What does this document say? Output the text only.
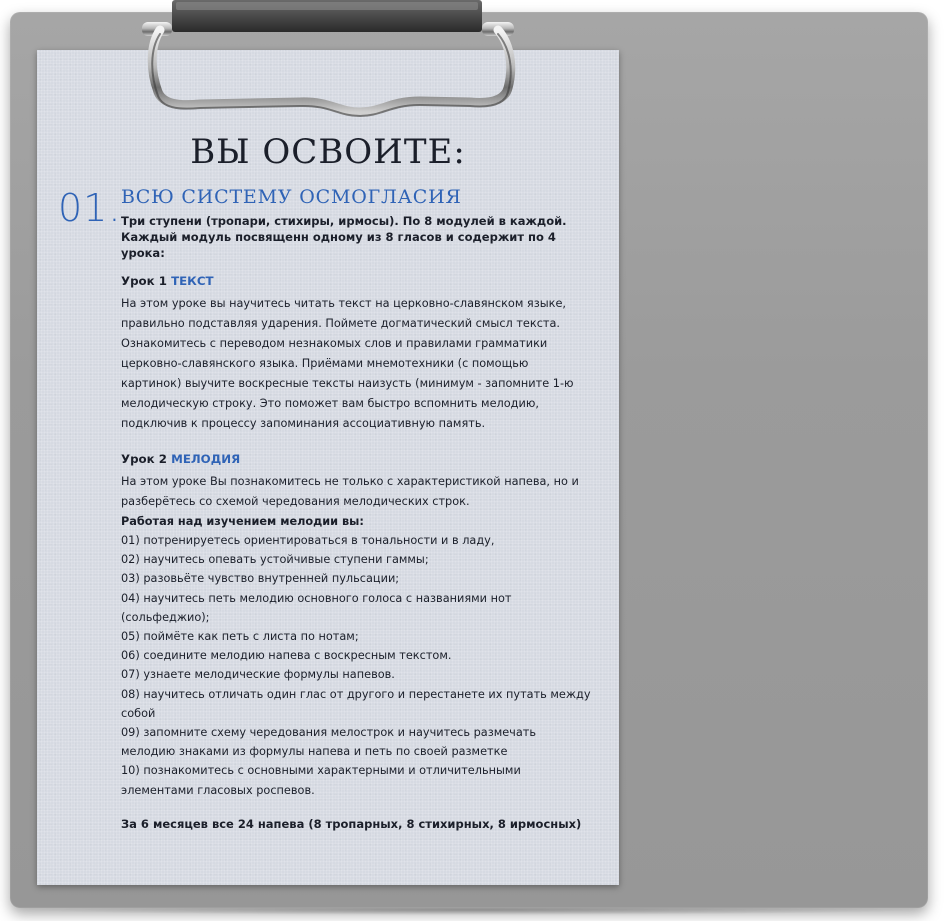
ВЫ ОСВОИТЕ:
01. ВСЮ СИСТЕМУ ОСМОГЛАСИЯ

Три ступени (тропари, стихиры, ирмосы). По 8 модулей в каждой. Каждый модуль посвященн одному из 8 гласов и содержит по 4 урока:

Урок 1 ТЕКСТ

На этом уроке вы научитесь читать текст на церковно-славянском языке, правильно подставляя ударения. Поймете догматический смысл текста. Ознакомитесь с переводом незнакомых слов и правилами грамматики церковно-славянского языка. Приёмами мнемотехники (с помощью картинок) выучите воскресные тексты наизусть (минимум - запомните 1-ю мелодическую строку. Это поможет вам быстро вспомнить мелодию, подключив к процессу запоминания ассоциативную память.

Урок 2 МЕЛОДИЯ

На этом уроке Вы познакомитесь не только с характеристикой напева, но и разберётесь со схемой чередования мелодических строк.

Работая над изучением мелодии вы:
01) потренируетесь ориентироваться в тональности и в ладу,
02) научитесь опевать устойчивые ступени гаммы;
03) разовьёте чувство внутренней пульсации;
04) научитесь петь мелодию основного голоса с названиями нот (сольфеджио);
05) поймёте как петь с листа по нотам;
06) соедините мелодию напева с воскресным текстом.
07) узнаете мелодические формулы напевов.
08) научитесь отличать один глас от другого и перестанете их путать между собой
09) запомните схему чередования мелострок и научитесь размечать мелодию знаками из формулы напева и петь по своей разметке
10) познакомитесь с основными характерными и отличительными элементами гласовых роспевов.
За 6 месяцев все 24 напева (8 тропарных, 8 стихирных, 8 ирмосных)
